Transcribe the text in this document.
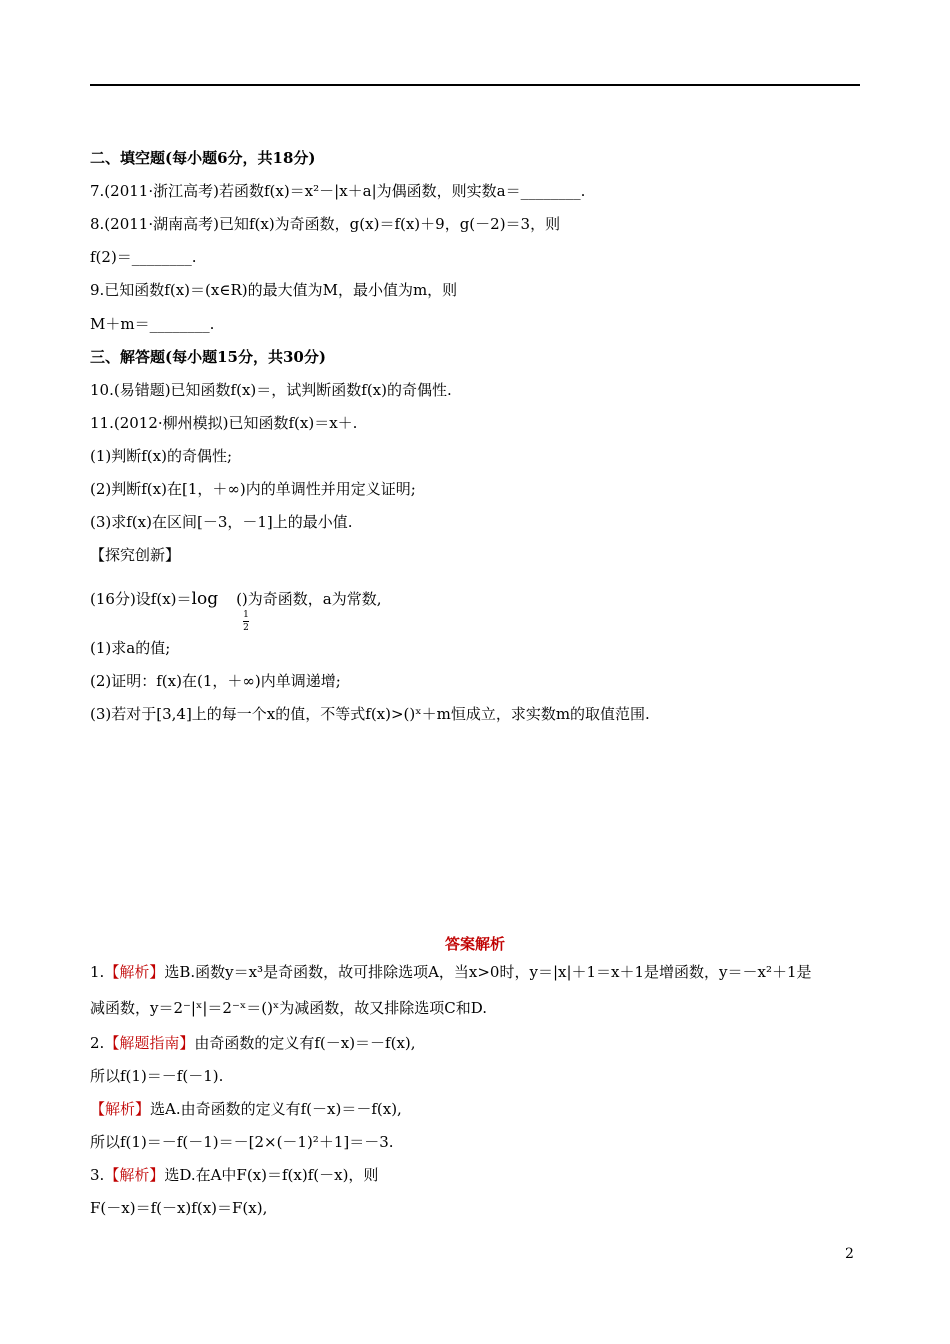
二、填空题(每小题6分，共18分)
7.(2011·浙江高考)若函数f(x)＝x²－|x＋a|为偶函数，则实数a＝________.
8.(2011·湖南高考)已知f(x)为奇函数，g(x)＝f(x)＋9，g(－2)＝3，则
f(2)＝________.
9.已知函数f(x)＝(x∈R)的最大值为M，最小值为m，则
M＋m＝________.
三、解答题(每小题15分，共30分)
10.(易错题)已知函数f(x)＝，试判断函数f(x)的奇偶性.
11.(2012·柳州模拟)已知函数f(x)＝x＋.
(1)判断f(x)的奇偶性;
(2)判断f(x)在[1，＋∞)内的单调性并用定义证明;
(3)求f(x)在区间[－3，－1]上的最小值.
【探究创新】
(16分)设f(x)＝log ()为奇函数，a为常数,
1
2
(1)求a的值;
(2)证明：f(x)在(1，＋∞)内单调递增;
(3)若对于[3,4]上的每一个x的值，不等式f(x)>()ˣ＋m恒成立，求实数m的取值范围.
答案解析
1.【解析】选B.函数y＝x³是奇函数，故可排除选项A，当x>0时，y＝|x|＋1＝x＋1是增函数，y＝－x²＋1是
减函数，y＝2⁻|ˣ|＝2⁻ˣ＝()ˣ为减函数，故又排除选项C和D.
2.【解题指南】由奇函数的定义有f(－x)＝－f(x),
所以f(1)＝－f(－1).
【解析】选A.由奇函数的定义有f(－x)＝－f(x),
所以f(1)＝－f(－1)＝－[2×(－1)²＋1]＝－3.
3.【解析】选D.在A中F(x)＝f(x)f(－x)，则
F(－x)＝f(－x)f(x)＝F(x),
2
